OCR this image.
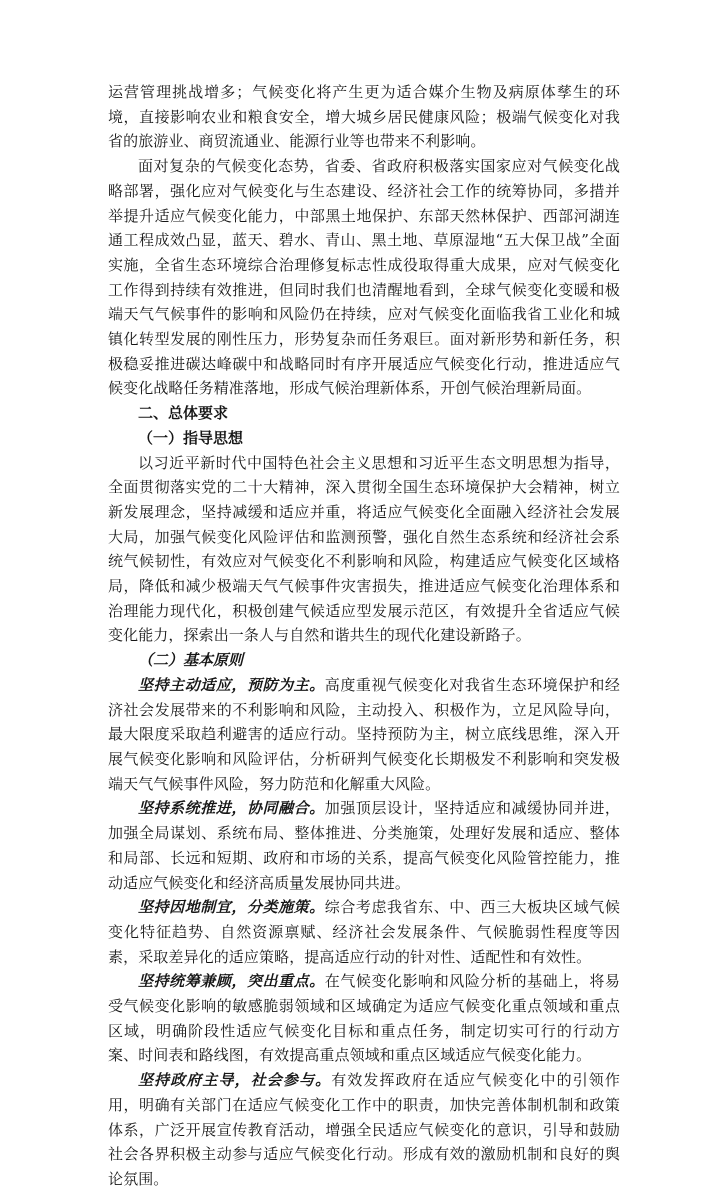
运营管理挑战增多；气候变化将产生更为适合媒介生物及病原体孳生的环境，直接影响农业和粮食安全，增大城乡居民健康风险；极端气候变化对我省的旅游业、商贸流通业、能源行业等也带来不利影响。

面对复杂的气候变化态势，省委、省政府积极落实国家应对气候变化战略部署，强化应对气候变化与生态建设、经济社会工作的统筹协同，多措并举提升适应气候变化能力，中部黑土地保护、东部天然林保护、西部河湖连通工程成效凸显，蓝天、碧水、青山、黑土地、草原湿地“五大保卫战”全面实施，全省生态环境综合治理修复标志性成役取得重大成果，应对气候变化工作得到持续有效推进，但同时我们也清醒地看到，全球气候变化变暖和极端天气气候事件的影响和风险仍在持续，应对气候变化面临我省工业化和城镇化转型发展的刚性压力，形势复杂而任务艰巨。面对新形势和新任务，积极稳妥推进碳达峰碳中和战略同时有序开展适应气候变化行动，推进适应气候变化战略任务精准落地，形成气候治理新体系，开创气候治理新局面。

二、总体要求
（一）指导思想

以习近平新时代中国特色社会主义思想和习近平生态文明思想为指导，全面贯彻落实党的二十大精神，深入贯彻全国生态环境保护大会精神，树立新发展理念，坚持减缓和适应并重，将适应气候变化全面融入经济社会发展大局，加强气候变化风险评估和监测预警，强化自然生态系统和经济社会系统气候韧性，有效应对气候变化不利影响和风险，构建适应气候变化区域格局，降低和减少极端天气气候事件灾害损失，推进适应气候变化治理体系和治理能力现代化，积极创建气候适应型发展示范区，有效提升全省适应气候变化能力，探索出一条人与自然和谐共生的现代化建设新路子。

（二）基本原则

坚持主动适应，预防为主。高度重视气候变化对我省生态环境保护和经济社会发展带来的不利影响和风险，主动投入、积极作为，立足风险导向，最大限度采取趋利避害的适应行动。坚持预防为主，树立底线思维，深入开展气候变化影响和风险评估，分析研判气候变化长期极发不利影响和突发极端天气气候事件风险，努力防范和化解重大风险。

坚持系统推进，协同融合。加强顶层设计，坚持适应和减缓协同并进，加强全局谋划、系统布局、整体推进、分类施策，处理好发展和适应、整体和局部、长远和短期、政府和市场的关系，提高气候变化风险管控能力，推动适应气候变化和经济高质量发展协同共进。

坚持因地制宜，分类施策。综合考虑我省东、中、西三大板块区域气候变化特征趋势、自然资源禀赋、经济社会发展条件、气候脆弱性程度等因素，采取差异化的适应策略，提高适应行动的针对性、适配性和有效性。

坚持统筹兼顾，突出重点。在气候变化影响和风险分析的基础上，将易受气候变化影响的敏感脆弱领域和区域确定为适应气候变化重点领域和重点区域，明确阶段性适应气候变化目标和重点任务，制定切实可行的行动方案、时间表和路线图，有效提高重点领域和重点区域适应气候变化能力。

坚持政府主导，社会参与。有效发挥政府在适应气候变化中的引领作用，明确有关部门在适应气候变化工作中的职责，加快完善体制机制和政策体系，广泛开展宣传教育活动，增强全民适应气候变化的意识，引导和鼓励社会各界积极主动参与适应气候变化行动。形成有效的激励机制和良好的舆论氛围。
